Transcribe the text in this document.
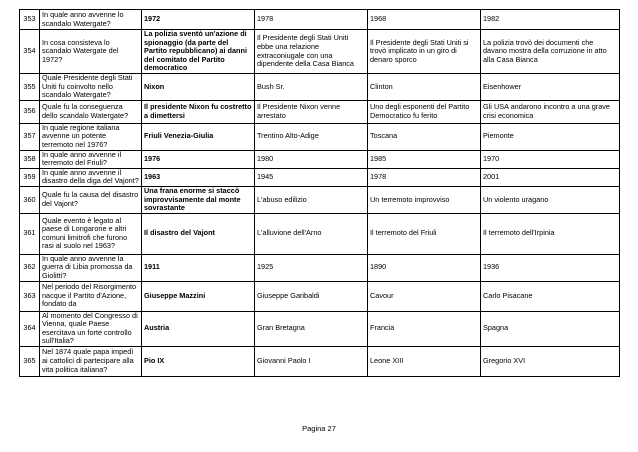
353	In quale anno avvenne lo scandalo Watergate?	1972	1978	1968	1982
354	In cosa consisteva lo scandalo Watergate del 1972?	La polizia sventò un'azione di spionaggio (da parte del Partito repubblicano) ai danni del comitato del Partito democratico	Il Presidente degli Stati Uniti ebbe una relazione extraconiugale con una dipendente della Casa Bianca	Il Presidente degli Stati Uniti si trovò implicato in un giro di denaro sporco	La polizia trovò dei documenti che davano mostra della corruzione in atto alla Casa Bianca
355	Quale Presidente degli Stati Uniti fu coinvolto nello scandalo Watergate?	Nixon	Bush Sr.	Clinton	Eisenhower
356	Quale fu la conseguenza dello scandalo Watergate?	Il presidente Nixon fu costretto a dimettersi	Il Presidente Nixon venne arrestato	Uno degli esponenti del Partito Democratico fu ferito	Gli USA andarono incontro a una grave crisi economica
357	In quale regione italiana avvenne un potente terremoto nel 1976?	Friuli Venezia-Giulia	Trentino Alto-Adige	Toscana	Piemonte
358	In quale anno avvenne il terremoto del Friuli?	1976	1980	1985	1970
359	In quale anno avvenne il disastro della diga del Vajont?	1963	1945	1978	2001
360	Quale fu la causa del disastro del Vajont?	Una frana enorme si staccò improvvisamente dal monte sovrastante	L'abuso edilizio	Un terremoto improvviso	Un violento uragano
361	Quale evento è legato al paese di Longarone e altri comuni limitrofi che furono rasi al suolo nel 1963?	Il disastro del Vajont	L'alluvione dell'Arno	Il terremoto del Friuli	Il terremoto dell'Irpinia
362	In quale anno avvenne la guerra di Libia promossa da Giolitti?	1911	1925	1890	1936
363	Nel periodo del Risorgimento nacque il Partito d'Azione, fondato da	Giuseppe Mazzini	Giuseppe Garibaldi	Cavour	Carlo Pisacane
364	Al momento del Congresso di Vienna, quale Paese esercitava un forte controllo sull'Italia?	Austria	Gran Bretagna	Francia	Spagna
365	Nel 1874 quale papa impedì ai cattolici di partecipare alla vita politica italiana?	Pio IX	Giovanni Paolo I	Leone XIII	Gregorio XVI
Pagina 27
